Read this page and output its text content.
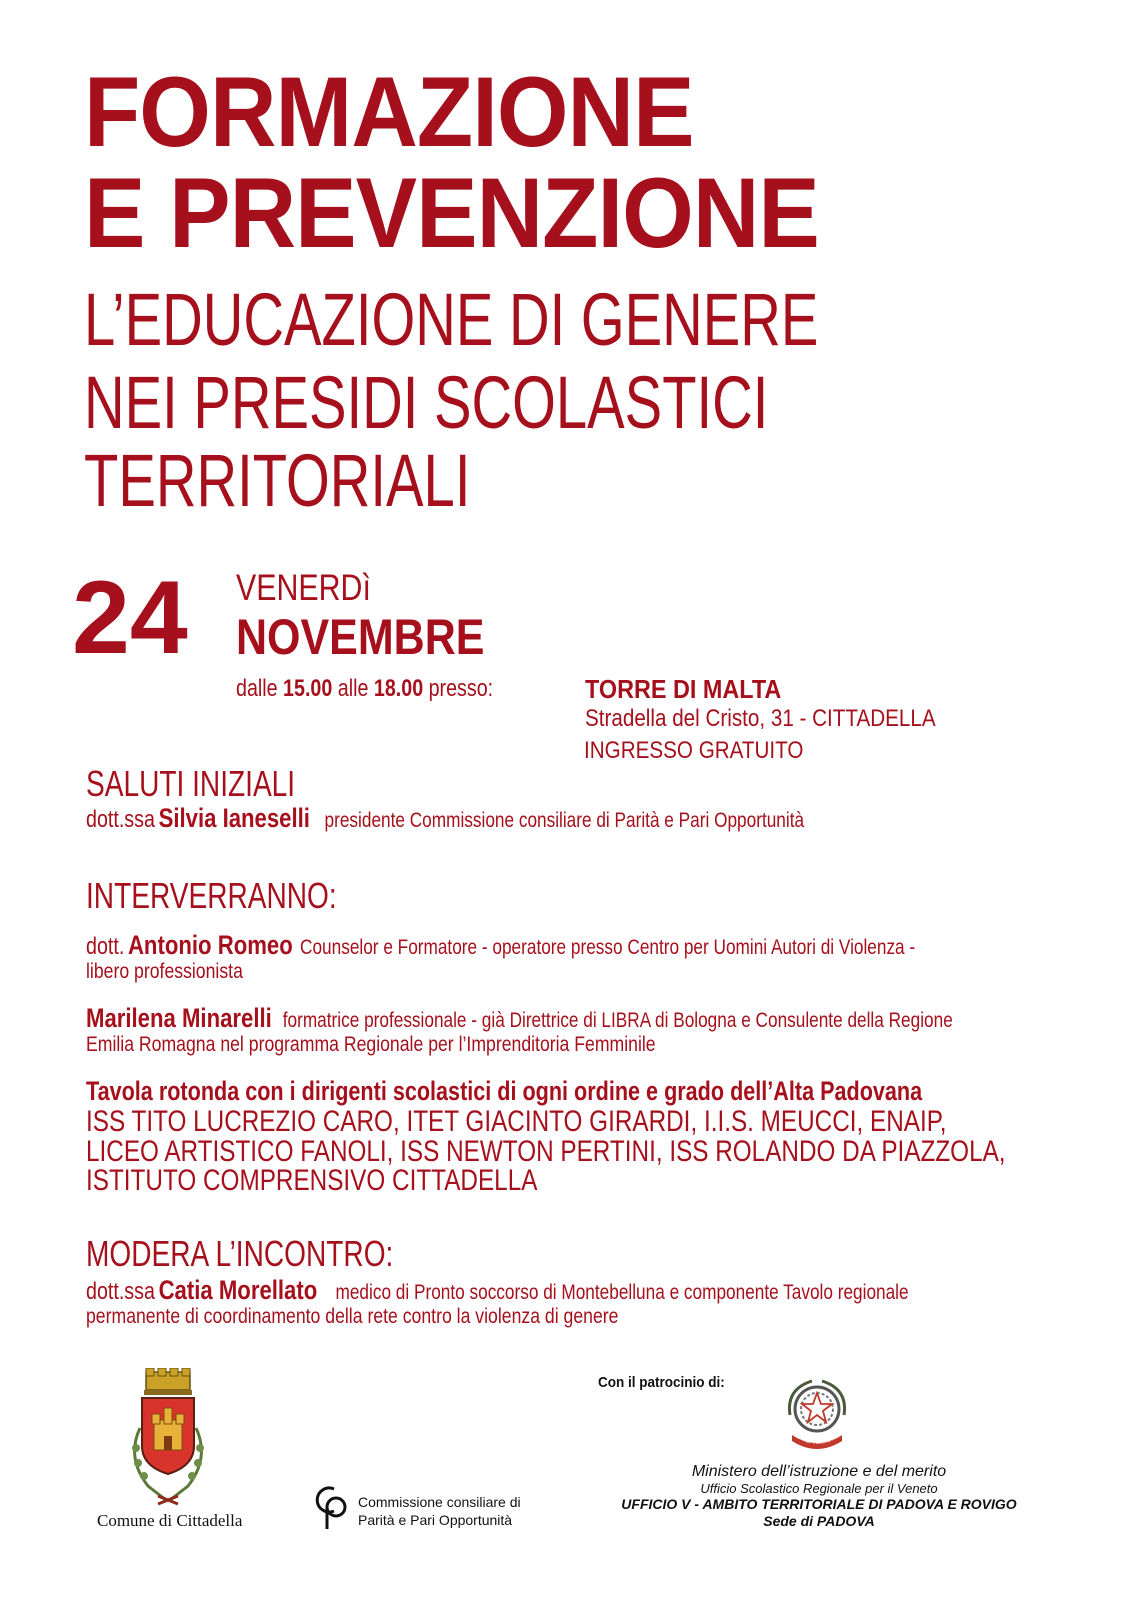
FORMAZIONE
E PREVENZIONE
L’EDUCAZIONE DI GENERE
NEI PRESIDI SCOLASTICI
TERRITORIALI
24 VENERDì
NOVEMBRE
dalle 15.00 alle 18.00 presso:	TORRE DI MALTA
Stradella del Cristo, 31 - CITTADELLA
INGRESSO GRATUITO
SALUTI INIZIALI
dott.ssa Silvia Ianeselli presidente Commissione consiliare di Parità e Pari Opportunità
INTERVERRANNO:
dott. Antonio Romeo Counselor e Formatore - operatore presso Centro per Uomini Autori di Violenza -
libero professionista
Marilena Minarelli formatrice professionale - già Direttrice di LIBRA di Bologna e Consulente della Regione
Emilia Romagna nel programma Regionale per l’Imprenditoria Femminile
Tavola rotonda con i dirigenti scolastici di ogni ordine e grado dell’Alta Padovana
ISS TITO LUCREZIO CARO, ITET GIACINTO GIRARDI, I.I.S. MEUCCI, ENAIP,
LICEO ARTISTICO FANOLI, ISS NEWTON PERTINI, ISS ROLANDO DA PIAZZOLA,
ISTITUTO COMPRENSIVO CITTADELLA
MODERA L’INCONTRO:
dott.ssa Catia Morellato medico di Pronto soccorso di Montebelluna e componente Tavolo regionale
permanente di coordinamento della rete contro la violenza di genere
Comune di Cittadella
Commissione consiliare di
Parità e Pari Opportunità
Con il patrocinio di:
REPVBBLICA ITAL
Ministero dell’istruzione e del merito
Ufficio Scolastico Regionale per il Veneto
UFFICIO V - AMBITO TERRITORIALE DI PADOVA E ROVIGO
Sede di PADOVA
